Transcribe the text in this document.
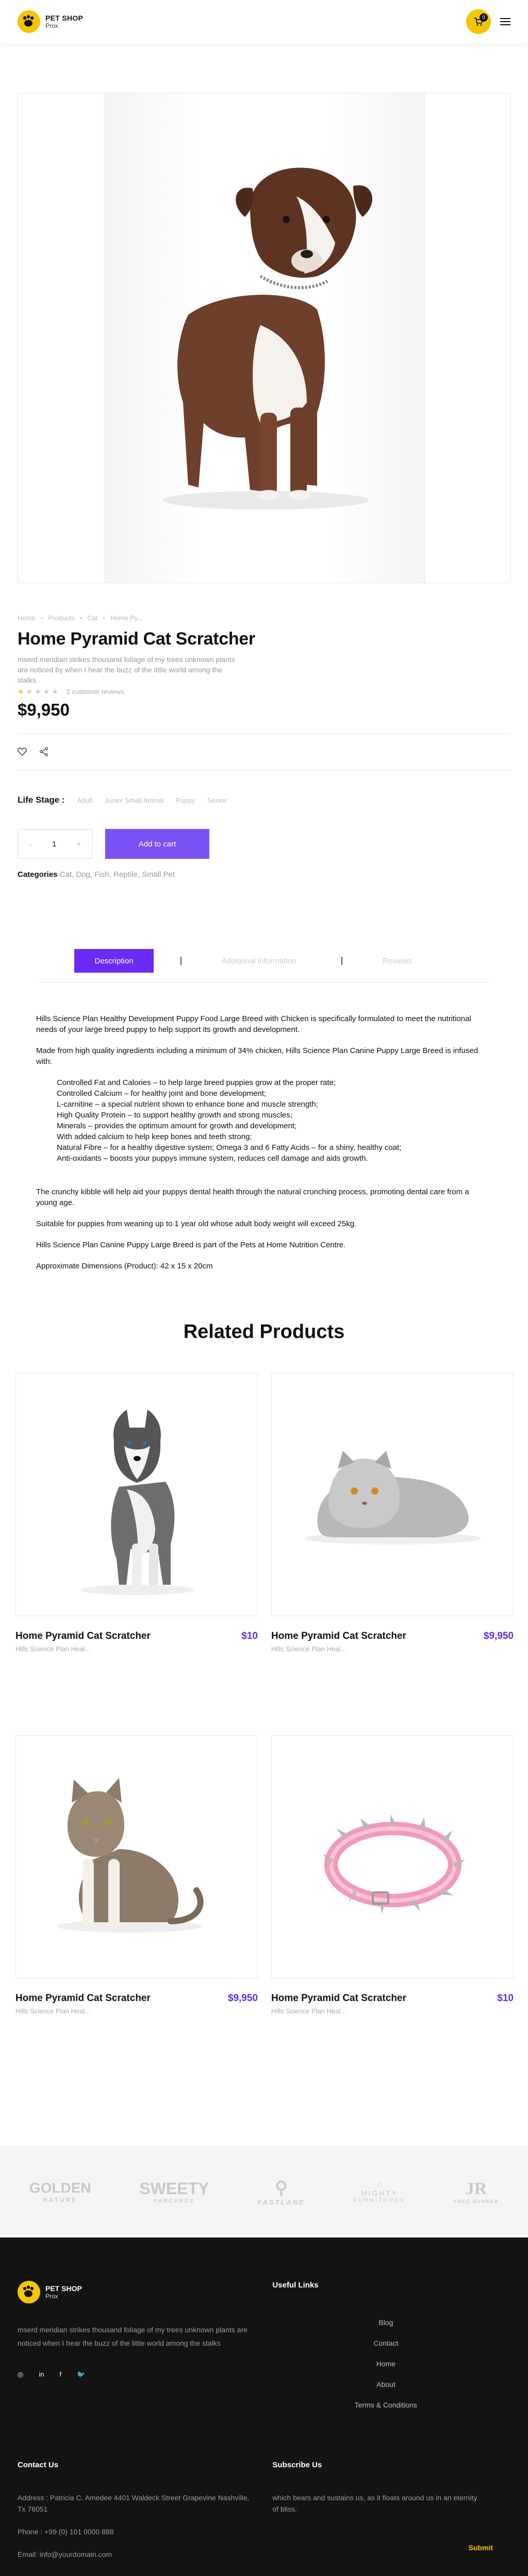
PET SHOP
Prox
0
Home • Products • Cat • Home Py...
Home Pyramid Cat Scratcher
mserd meridian strikes thousand foliage of my trees unknown plants are noticed by when I hear the buzz of the little world among the stalks
★ ★ ★ ★ ★ 2 customer reviews
$9,950
Life Stage : Adult Junior Small Animal Puppy Senior
-	1	+	Add to cart
Categories Cat, Dog, Fish, Reptile, Small Pet
Description	Additional information	Reviews

Hills Science Plan Healthy Development Puppy Food Large Breed with Chicken is specifically formulated to meet the nutritional needs of your large breed puppy to help support its growth and development.

Made from high quality ingredients including a minimum of 34% chicken, Hills Science Plan Canine Puppy Large Breed is infused with:

Controlled Fat and Calories – to help large breed puppies grow at the proper rate;
Controlled Calcium – for healthy joint and bone development;
L-carnitine – a special nutrient shown to enhance bone and muscle strength;
High Quality Protein – to support healthy growth and strong muscles;
Minerals – provides the optimum amount for growth and development;
With added calcium to help keep bones and teeth strong;
Natural Fibre – for a healthy digestive system; Omega 3 and 6 Fatty Acids – for a shiny, healthy coat;
Anti-oxidants – boosts your puppys immune system, reduces cell damage and aids growth.

The crunchy kibble will help aid your puppys dental health through the natural crunching process, promoting dental care from a young age.

Suitable for puppies from weaning up to 1 year old whose adult body weight will exceed 25kg.

Hills Science Plan Canine Puppy Large Breed is part of the Pets at Home Nutrition Centre.

Approximate Dimensions (Product): 42 x 15 x 20cm

Related Products
Home Pyramid Cat Scratcher	$10
Hills Science Plan Heal...
Home Pyramid Cat Scratcher	$9,950
Hills Science Plan Heal...
Home Pyramid Cat Scratcher	$9,950
Hills Science Plan Heal...
Home Pyramid Cat Scratcher	$10
Hills Science Plan Heal...
GOLDEN
NATURE
SWEETY
PANCAKES
⚲
FASTLANE
⌂
MIGHTY
FURNITURES
JR
FREE RUNNER
PET SHOP
Prox
mserd meridian strikes thousand foliage of my trees unknown plants are noticed when I hear the buzz of the little world among the stalks
◎ in f 🐦
Useful Links
Blog
Contact
Home
About
Terms & Conditions
Contact Us
Address : Patricia C. Amedee 4401 Waldeck Street Grapevine Nashville, Tx 76051
Phone : +99 (0) 101 0000 888
Email: info@yourdomain.com
Subscribe Us
which bears and sustains us, as it floats around us in an eternity of bliss.
Submit
